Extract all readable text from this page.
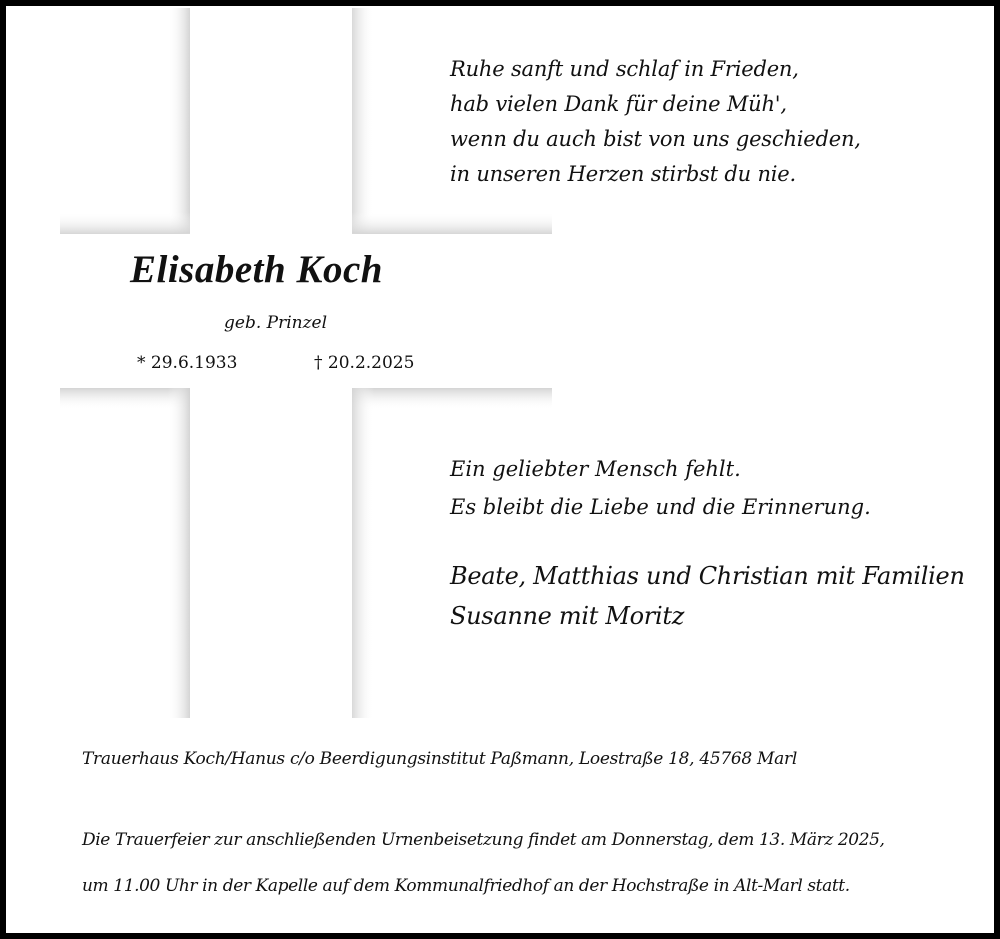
Ruhe sanft und schlaf in Frieden,
hab vielen Dank für deine Müh',
wenn du auch bist von uns geschieden,
in unseren Herzen stirbst du nie.
Elisabeth Koch
geb. Prinzel
* 29.6.1933	† 20.2.2025
Ein geliebter Mensch fehlt.
Es bleibt die Liebe und die Erinnerung.
Beate, Matthias und Christian mit Familien
Susanne mit Moritz
Trauerhaus Koch/Hanus c/o Beerdigungsinstitut Paßmann, Loestraße 18, 45768 Marl
Die Trauerfeier zur anschließenden Urnenbeisetzung findet am Donnerstag, dem 13. März 2025,
um 11.00 Uhr in der Kapelle auf dem Kommunalfriedhof an der Hochstraße in Alt-Marl statt.
